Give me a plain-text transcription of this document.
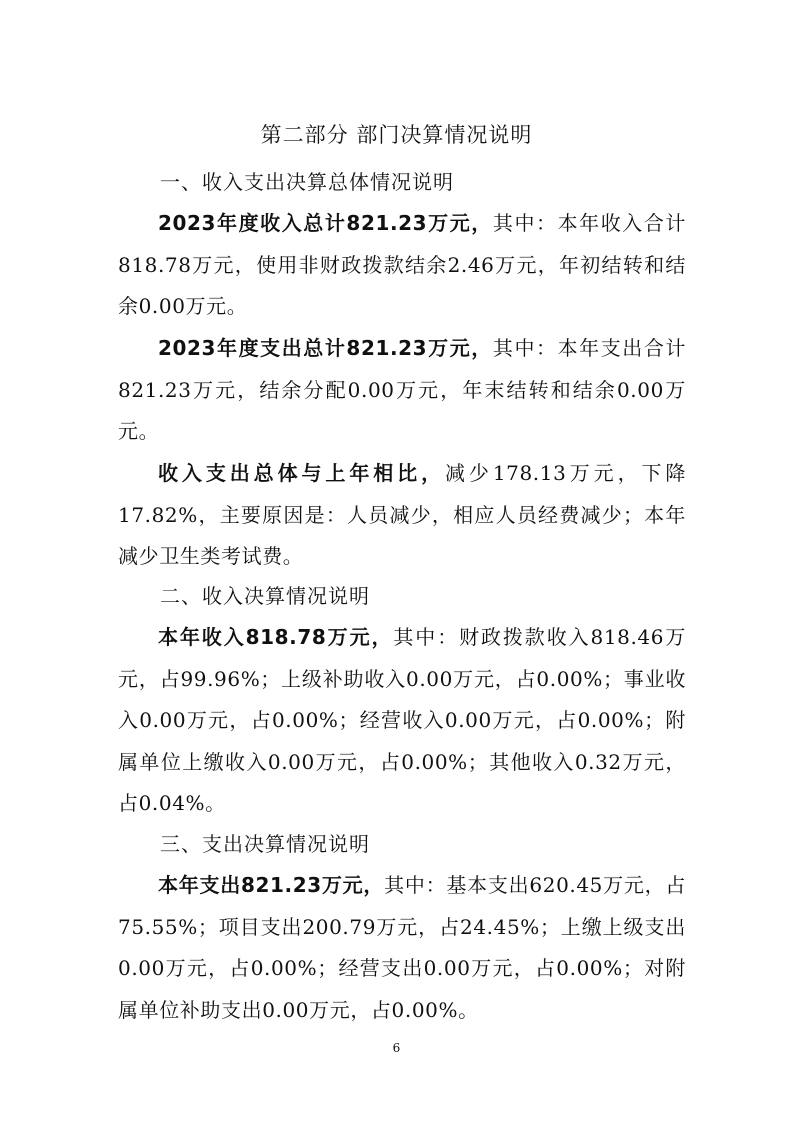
第二部分 部门决算情况说明
一、收入支出决算总体情况说明

2023年度收入总计821.23万元，其中：本年收入合计818.78万元，使用非财政拨款结余2.46万元，年初结转和结余0.00万元。

2023年度支出总计821.23万元，其中：本年支出合计821.23万元，结余分配0.00万元，年末结转和结余0.00万元。

收入支出总体与上年相比，减少178.13万元，下降17.82%，主要原因是：人员减少，相应人员经费减少；本年减少卫生类考试费。

二、收入决算情况说明

本年收入818.78万元，其中：财政拨款收入818.46万元，占99.96%；上级补助收入0.00万元，占0.00%；事业收入0.00万元，占0.00%；经营收入0.00万元，占0.00%；附属单位上缴收入0.00万元，占0.00%；其他收入0.32万元，占0.04%。

三、支出决算情况说明

本年支出821.23万元，其中：基本支出620.45万元，占75.55%；项目支出200.79万元，占24.45%；上缴上级支出0.00万元，占0.00%；经营支出0.00万元，占0.00%；对附属单位补助支出0.00万元，占0.00%。

6
